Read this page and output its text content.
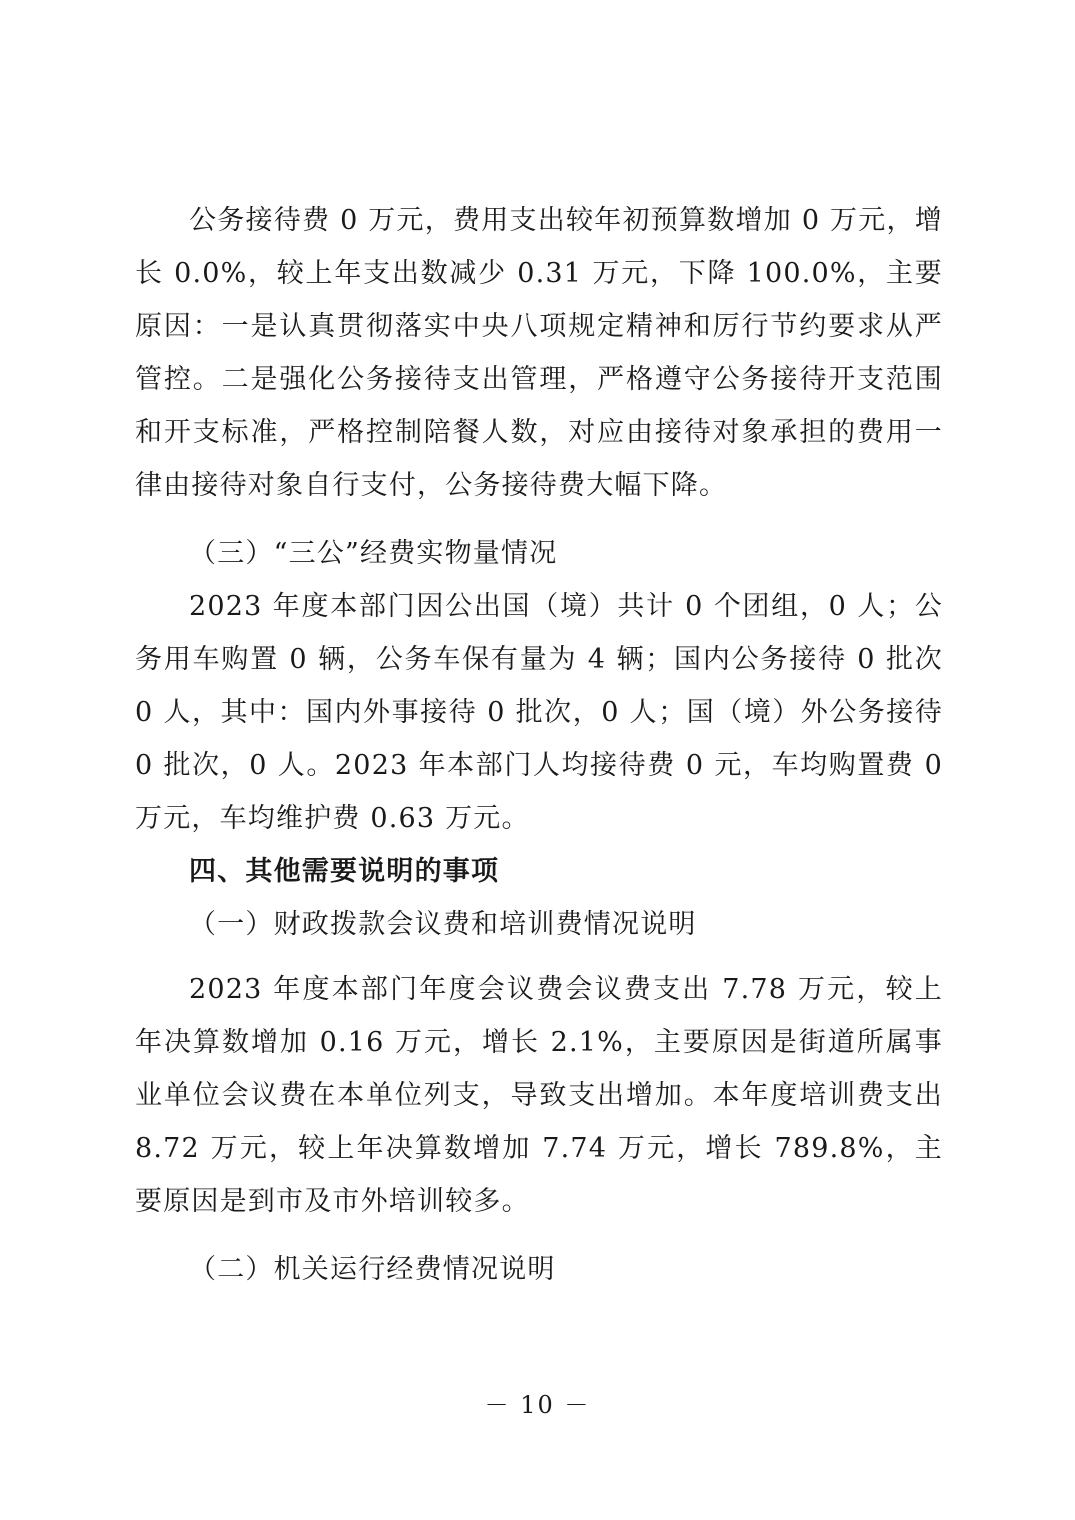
公务接待费 0 万元，费用支出较年初预算数增加 0 万元，增长 0.0%，较上年支出数减少 0.31 万元，下降 100.0%，主要原因：一是认真贯彻落实中央八项规定精神和厉行节约要求从严管控。二是强化公务接待支出管理，严格遵守公务接待开支范围和开支标准，严格控制陪餐人数，对应由接待对象承担的费用一律由接待对象自行支付，公务接待费大幅下降。

（三）“三公”经费实物量情况

2023 年度本部门因公出国（境）共计 0 个团组，0 人；公务用车购置 0 辆，公务车保有量为 4 辆；国内公务接待 0 批次 0 人，其中：国内外事接待 0 批次，0 人；国（境）外公务接待 0 批次，0 人。2023 年本部门人均接待费 0 元，车均购置费 0 万元，车均维护费 0.63 万元。

四、其他需要说明的事项

（一）财政拨款会议费和培训费情况说明

2023 年度本部门年度会议费会议费支出 7.78 万元，较上年决算数增加 0.16 万元，增长 2.1%，主要原因是街道所属事业单位会议费在本单位列支，导致支出增加。本年度培训费支出 8.72 万元，较上年决算数增加 7.74 万元，增长 789.8%，主要原因是到市及市外培训较多。

（二）机关运行经费情况说明

－ 10 －
